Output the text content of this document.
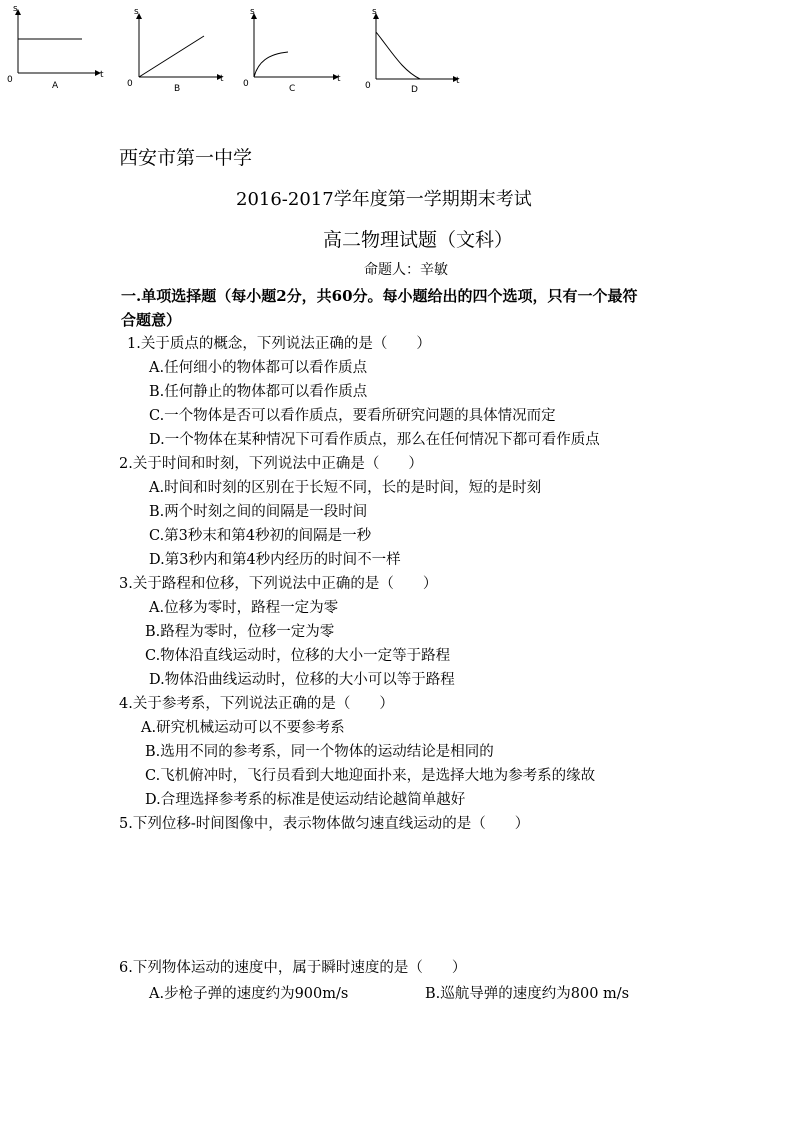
s
t
0
A
s
t
0	B
s
t
0	C
s
t
0	D
西安市第一中学
2016-2017学年度第一学期期末考试
高二物理试题（文科）
命题人：辛敏
一.单项选择题（每小题2分，共60分。每小题给出的四个选项，只有一个最符
合题意）
1.关于质点的概念，下列说法正确的是（　　）
A.任何细小的物体都可以看作质点
B.任何静止的物体都可以看作质点
C.一个物体是否可以看作质点，要看所研究问题的具体情况而定
D.一个物体在某种情况下可看作质点，那么在任何情况下都可看作质点
2.关于时间和时刻，下列说法中正确是（　　）
A.时间和时刻的区别在于长短不同，长的是时间，短的是时刻
B.两个时刻之间的间隔是一段时间
C.第3秒末和第4秒初的间隔是一秒
D.第3秒内和第4秒内经历的时间不一样
3.关于路程和位移，下列说法中正确的是（　　）
A.位移为零时，路程一定为零
B.路程为零时，位移一定为零
C.物体沿直线运动时，位移的大小一定等于路程
D.物体沿曲线运动时，位移的大小可以等于路程
4.关于参考系，下列说法正确的是（　　）
A.研究机械运动可以不要参考系
B.选用不同的参考系，同一个物体的运动结论是相同的
C.飞机俯冲时，飞行员看到大地迎面扑来，是选择大地为参考系的缘故
D.合理选择参考系的标准是使运动结论越简单越好
5.下列位移-时间图像中，表示物体做匀速直线运动的是（　　）
6.下列物体运动的速度中，属于瞬时速度的是（　　）
A.步枪子弹的速度约为900m/s	B.巡航导弹的速度约为800 m/s
